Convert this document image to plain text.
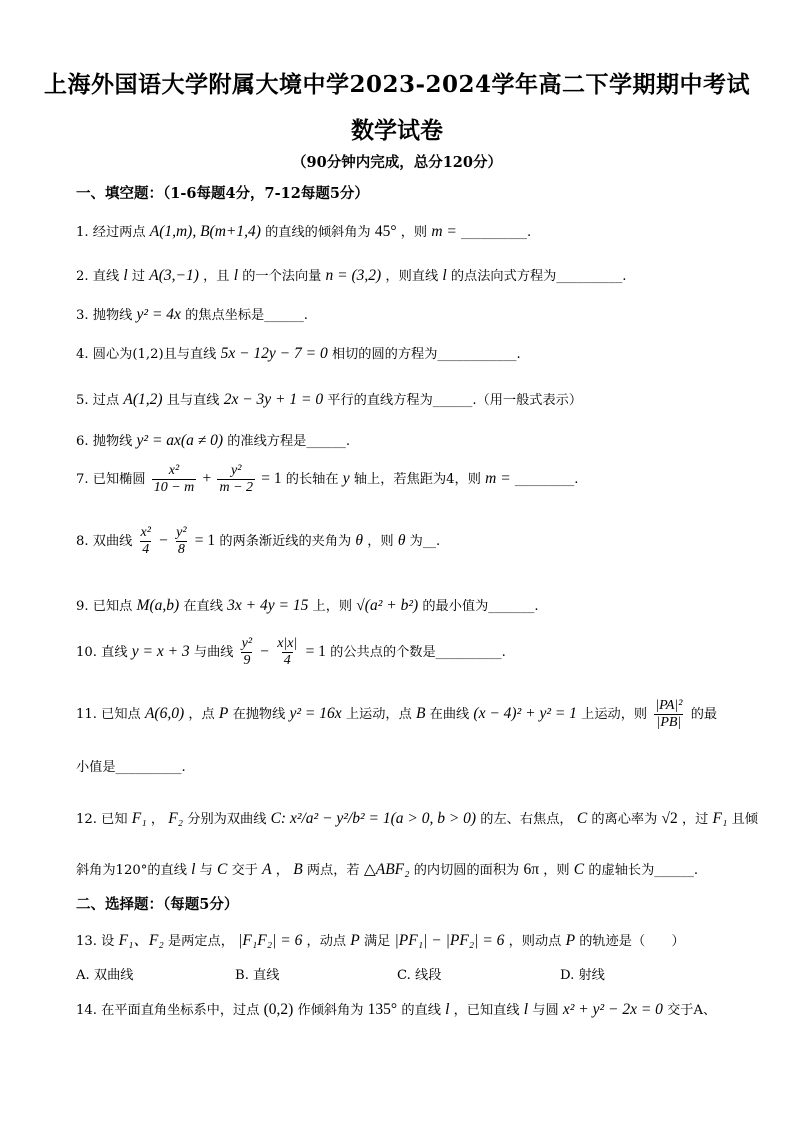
上海外国语大学附属大境中学2023-2024学年高二下学期期中考试
数学试卷
（90分钟内完成，总分120分）
一、填空题：（1-6每题4分，7-12每题5分）
1. 经过两点 A(1,m), B(m+1,4) 的直线的倾斜角为 45° ，则 m = __________.
2. 直线 l 过 A(3,−1) ，且 l 的一个法向量 n = (3,2) ，则直线 l 的点法向式方程为__________.
3. 抛物线 y² = 4x 的焦点坐标是______.
4. 圆心为(1,2)且与直线 5x − 12y − 7 = 0 相切的圆的方程为____________.
5. 过点 A(1,2) 且与直线 2x − 3y + 1 = 0 平行的直线方程为______.（用一般式表示）
6. 抛物线 y² = ax(a ≠ 0) 的准线方程是______.
7. 已知椭圆 $\frac{\text{x²}}{10 - m} + \frac{\text{y²}}{m - 2} = 1$ 的长轴在 y 轴上，若焦距为4，则 m = _________.
8. 双曲线 $\frac{\text{x²}}{4} - \frac{\text{y²}}{8} = 1$ 的两条渐近线的夹角为 θ ，则 θ 为__.
9. 已知点 M(a,b) 在直线 3x + 4y = 15 上，则 √(a² + b²) 的最小值为_______.
10. 直线 y = x + 3 与曲线 $\frac{\text{y²}}{9} - \frac{x|x|}{4} = 1$ 的公共点的个数是__________.
11. 已知点 A(6,0) ，点 P 在抛物线 y² = 16x 上运动，点 B 在曲线 (x − 4)² + y² = 1 上运动，则 $\frac{\text{|PA|²}}{|PB|}$ 的最
小值是__________.
12. 已知 F₁ ， F₂ 分别为双曲线 C: x²/a² − y²/b² = 1(a > 0, b > 0) 的左、右焦点， C 的离心率为 √2 ，过 F₁ 且倾
斜角为120°的直线 l 与 C 交于 A ， B 两点，若 △ABF₂ 的内切圆的面积为 6π ，则 C 的虚轴长为______.
二、选择题：（每题5分）
13. 设 F₁、F₂ 是两定点， |F₁F₂| = 6 ，动点 P 满足 |PF₁| − |PF₂| = 6 ，则动点 P 的轨迹是（　　）
A. 双曲线	B. 直线	C. 线段	D. 射线
14. 在平面直角坐标系中，过点 (0,2) 作倾斜角为 135° 的直线 l ，已知直线 l 与圆 x² + y² − 2x = 0 交于A、
